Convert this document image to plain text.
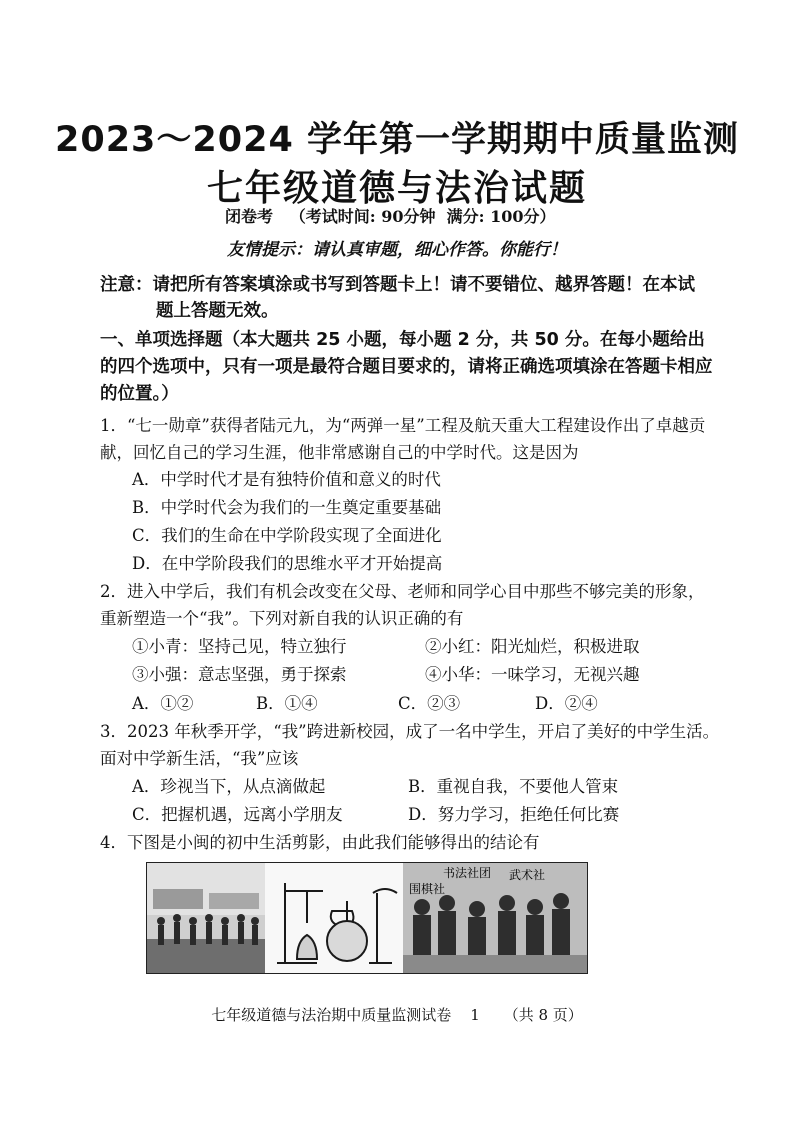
2023～2024 学年第一学期期中质量监测
七年级道德与法治试题
闭卷考   （考试时间: 90分钟  满分: 100分）
友情提示：请认真审题，细心作答。你能行！
注意：请把所有答案填涂或书写到答题卡上！请不要错位、越界答题！在本试
题上答题无效。
一、单项选择题（本大题共 25 小题，每小题 2 分，共 50 分。在每小题给出的四个选项中，只有一项是最符合题目要求的，请将正确选项填涂在答题卡相应的位置。）
1．“七一勋章”获得者陆元九，为“两弹一星”工程及航天重大工程建设作出了卓越贡献，回忆自己的学习生涯，他非常感谢自己的中学时代。这是因为
A．中学时代才是有独特价值和意义的时代
B．中学时代会为我们的一生奠定重要基础
C．我们的生命在中学阶段实现了全面进化
D．在中学阶段我们的思维水平才开始提高
2．进入中学后，我们有机会改变在父母、老师和同学心目中那些不够完美的形象，重新塑造一个“我”。下列对新自我的认识正确的有
①小青：坚持己见，特立独行	②小红：阳光灿烂，积极进取
③小强：意志坚强，勇于探索	④小华：一味学习，无视兴趣
A．①②	B．①④	C．②③	D．②④
3．2023 年秋季开学，“我”跨进新校园，成了一名中学生，开启了美好的中学生活。面对中学新生活，“我”应该
A．珍视当下，从点滴做起	B．重视自我，不要他人管束
C．把握机遇，远离小学朋友	D．努力学习，拒绝任何比赛
4．下图是小闽的初中生活剪影，由此我们能够得出的结论有
书法社团 武术社
围棋社
七年级道德与法治期中质量监测试卷 1 （共 8 页）
